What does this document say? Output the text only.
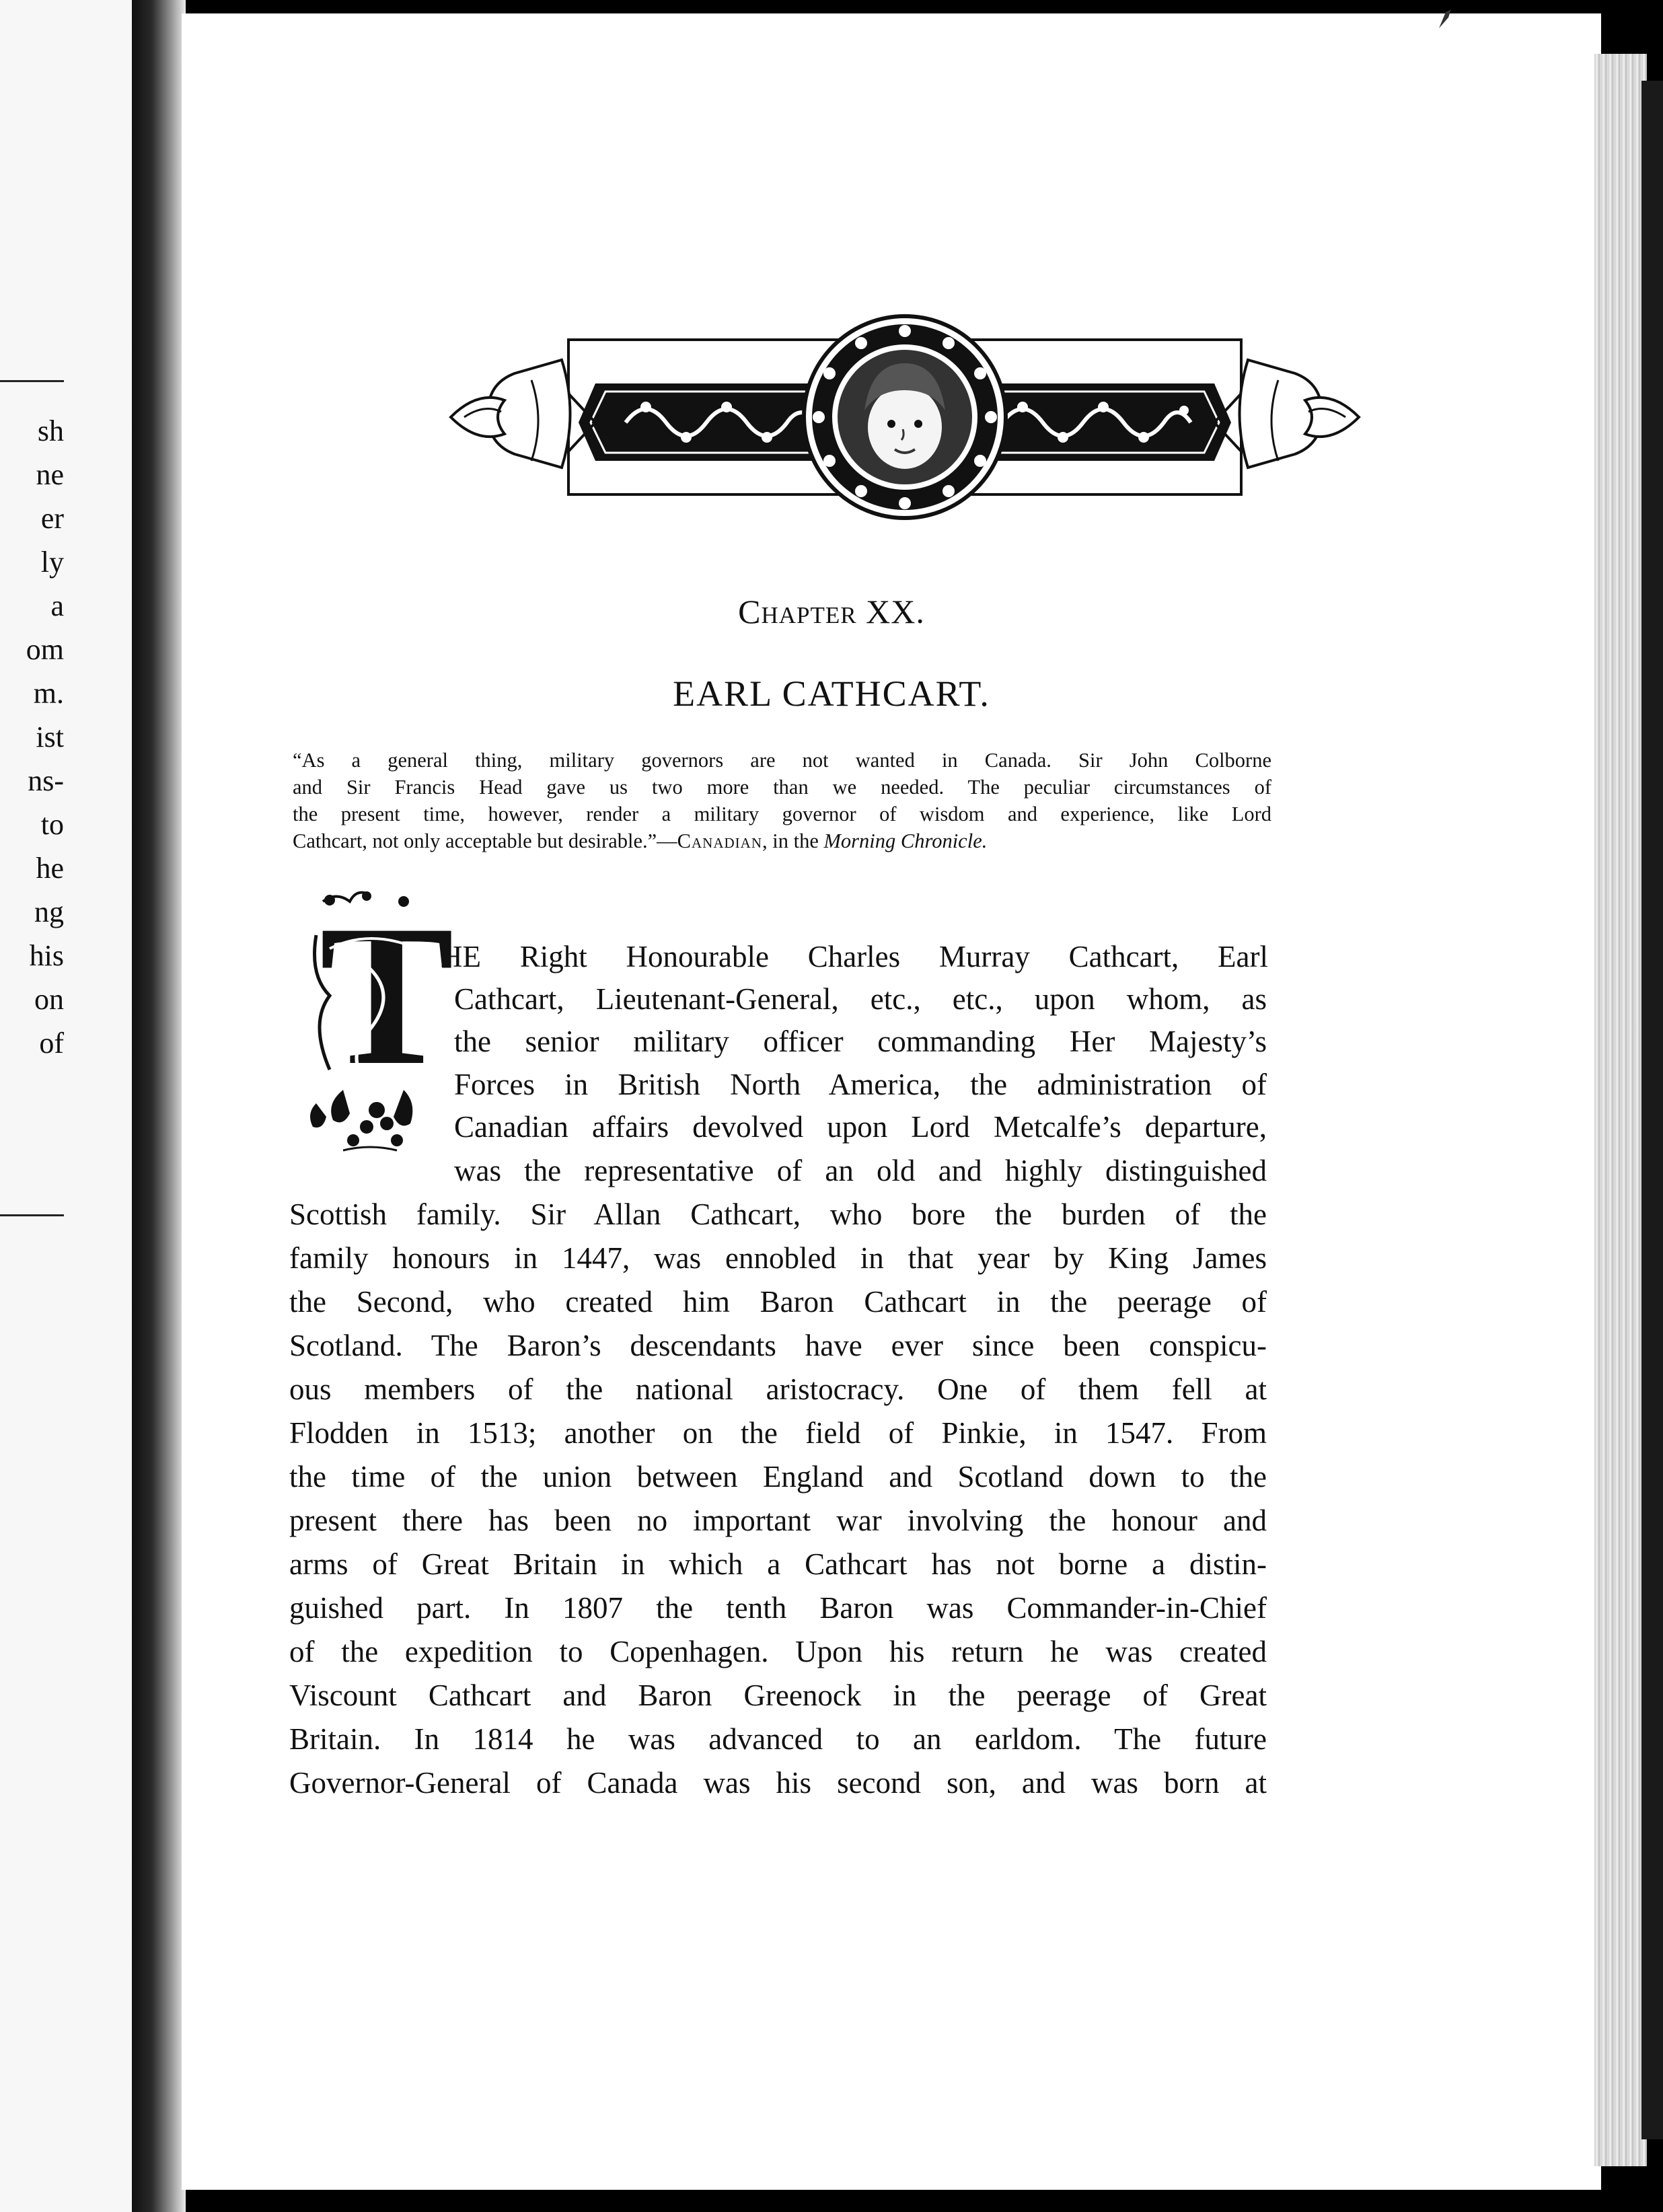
sh
ne
er
ly
a
om
m.
ist
ns-
to
he
ng
his
on
of
Chapter XX.
EARL CATHCART.
“As a general thing, military governors are not wanted in Canada. Sir John Colborne
and Sir Francis Head gave us two more than we needed. The peculiar circumstances of
the present time, however, render a military governor of wisdom and experience, like Lord
Cathcart, not only acceptable but desirable.”—Canadian, in the Morning Chronicle.
T
HE Right Honourable Charles Murray Cathcart, Earl
Cathcart, Lieutenant-General, etc., etc., upon whom, as
the senior military officer commanding Her Majesty’s
Forces in British North America, the administration of
Canadian affairs devolved upon Lord Metcalfe’s departure,
was the representative of an old and highly distinguished
Scottish family. Sir Allan Cathcart, who bore the burden of the
family honours in 1447, was ennobled in that year by King James
the Second, who created him Baron Cathcart in the peerage of
Scotland. The Baron’s descendants have ever since been conspicu-
ous members of the national aristocracy. One of them fell at
Flodden in 1513; another on the field of Pinkie, in 1547. From
the time of the union between England and Scotland down to the
present there has been no important war involving the honour and
arms of Great Britain in which a Cathcart has not borne a distin-
guished part. In 1807 the tenth Baron was Commander-in-Chief
of the expedition to Copenhagen. Upon his return he was created
Viscount Cathcart and Baron Greenock in the peerage of Great
Britain. In 1814 he was advanced to an earldom. The future
Governor-General of Canada was his second son, and was born at
